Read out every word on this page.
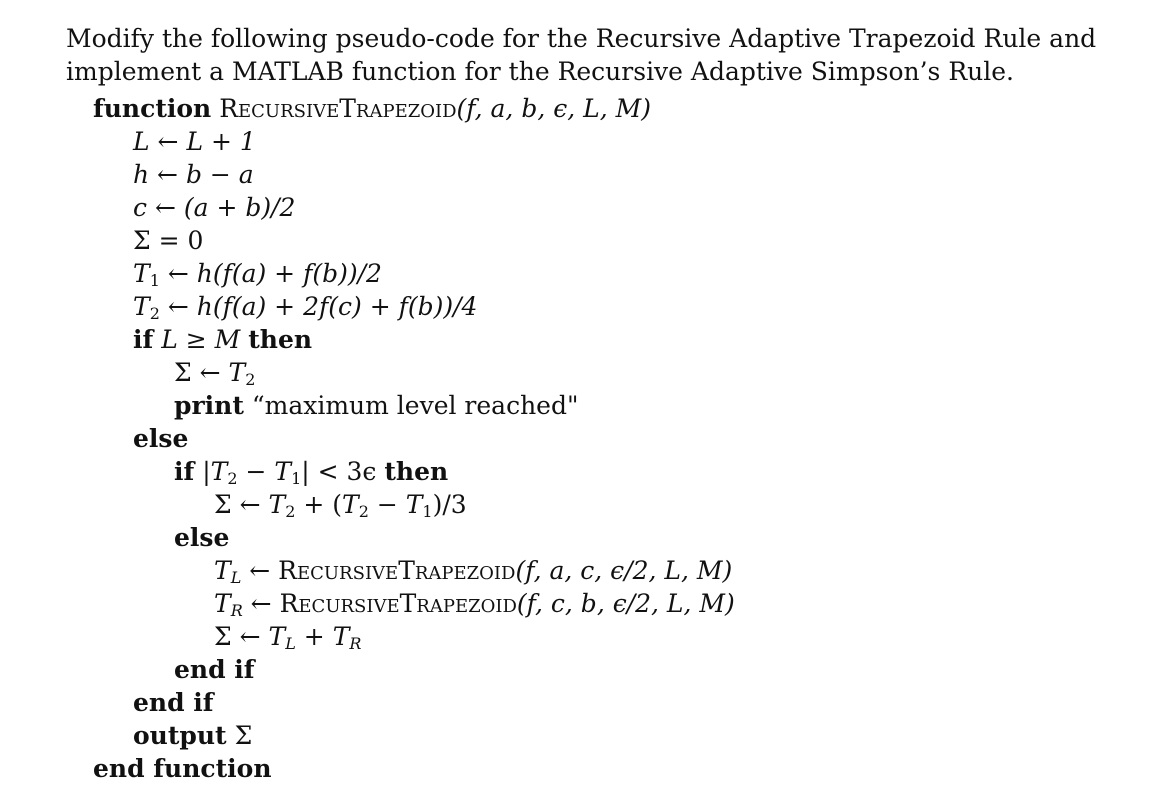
Modify the following pseudo-code for the Recursive Adaptive Trapezoid Rule and
implement a MATLAB function for the Recursive Adaptive Simpson’s Rule.
function RecursiveTrapezoid(f, a, b, ϵ, L, M)
L ← L + 1
h ← b − a
c ← (a + b)/2
Σ = 0
$T_1$ ← h(f(a) + f(b))/2
$T_2$ ← h(f(a) + 2f(c) + f(b))/4
if L ≥ M then
Σ ← $T_2$
print “maximum level reached"
else
if $|T_2 - T_1| < 3\epsilon$ then
Σ ← $T_2 + (T_2 - T_1)/3$
else
$T_L$ ← RecursiveTrapezoid(f, a, c, ϵ/2, L, M)
$T_R$ ← RecursiveTrapezoid(f, c, b, ϵ/2, L, M)
Σ ← $T_L + T_R$
end if
end if
output Σ
end function
